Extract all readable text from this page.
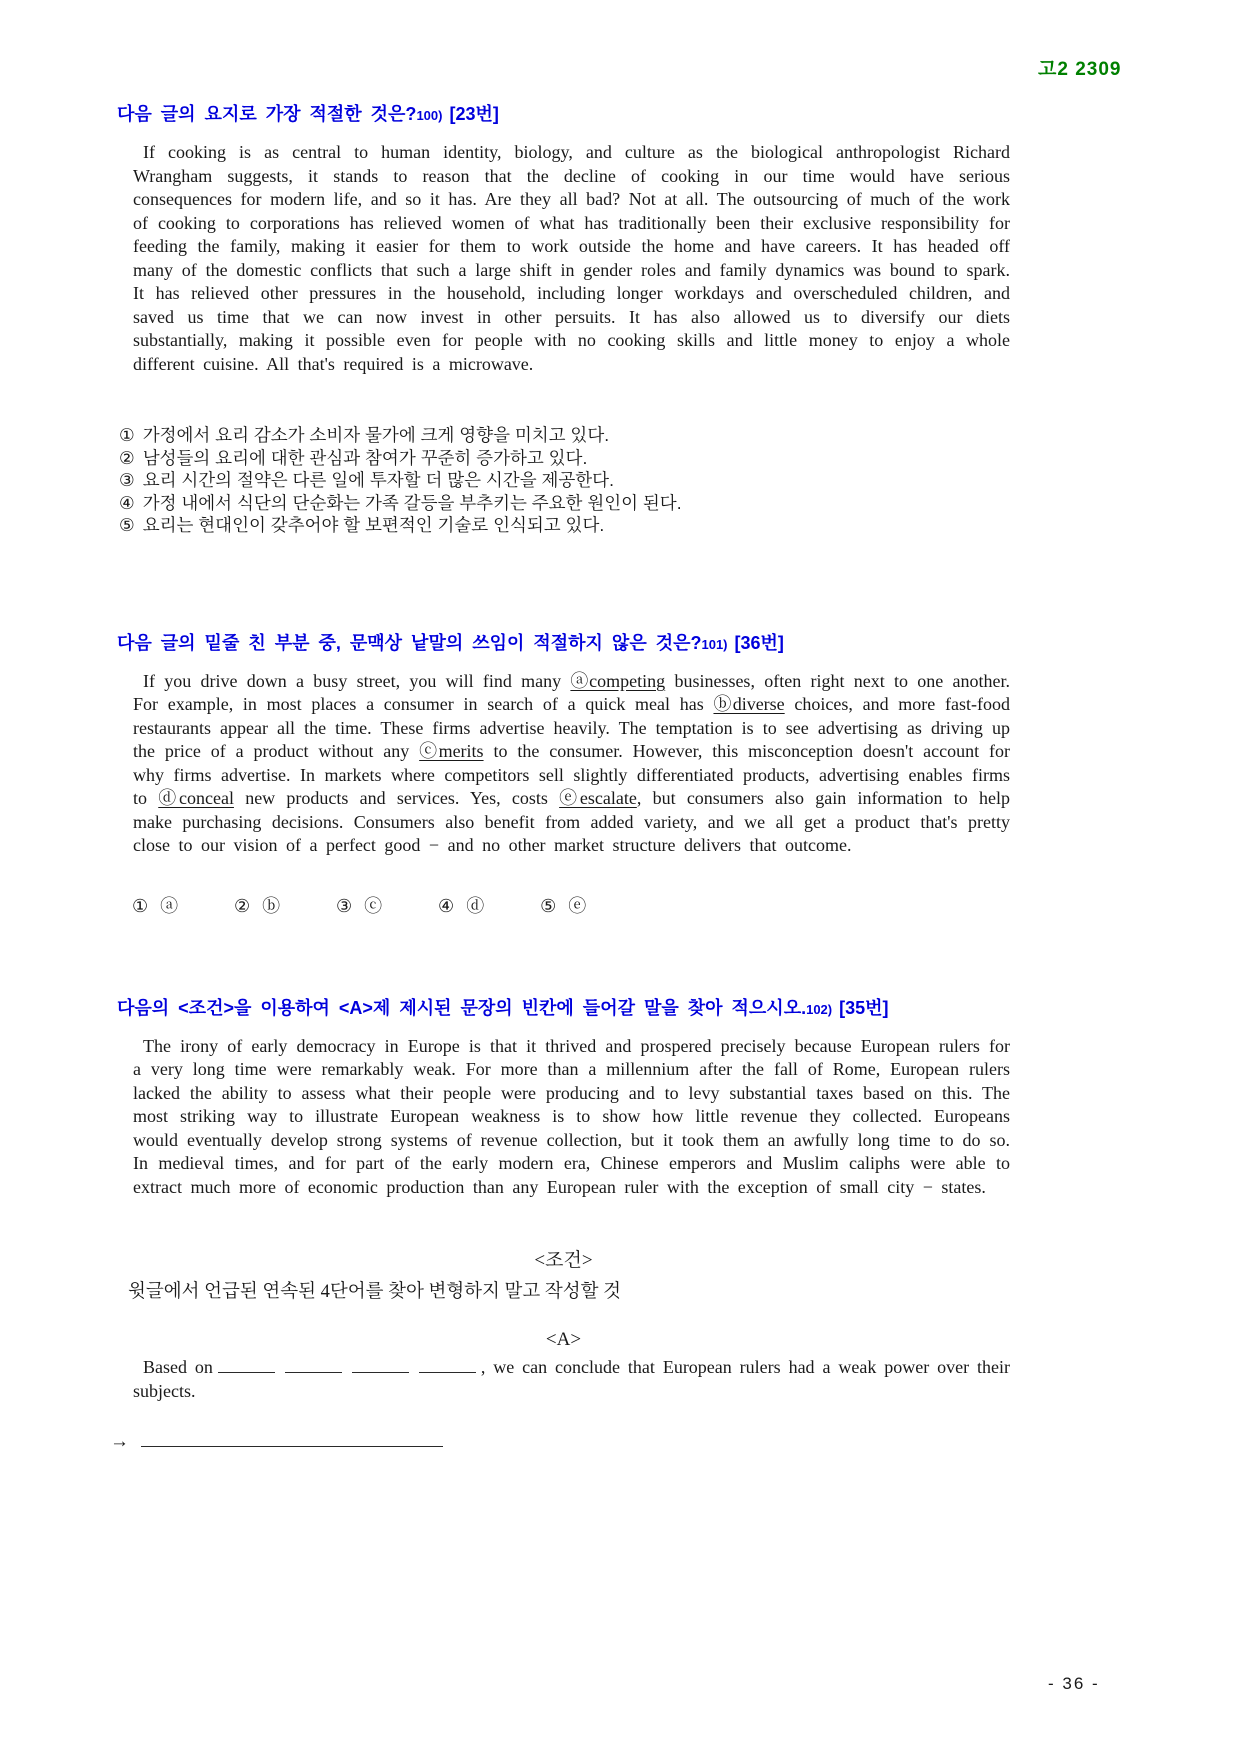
고2 2309
다음 글의 요지로 가장 적절한 것은?100) [23번]

If cooking is as central to human identity, biology, and culture as the biological anthropologist Richard Wrangham suggests, it stands to reason that the decline of cooking in our time would have serious consequences for modern life, and so it has. Are they all bad? Not at all. The outsourcing of much of the work of cooking to corporations has relieved women of what has traditionally been their exclusive responsibility for feeding the family, making it easier for them to work outside the home and have careers. It has headed off many of the domestic conflicts that such a large shift in gender roles and family dynamics was bound to spark. It has relieved other pressures in the household, including longer workdays and overscheduled children, and saved us time that we can now invest in other persuits. It has also allowed us to diversify our diets substantially, making it possible even for people with no cooking skills and little money to enjoy a whole different cuisine. All that's required is a microwave.

① 가정에서 요리 감소가 소비자 물가에 크게 영향을 미치고 있다.
② 남성들의 요리에 대한 관심과 참여가 꾸준히 증가하고 있다.
③ 요리 시간의 절약은 다른 일에 투자할 더 많은 시간을 제공한다.
④ 가정 내에서 식단의 단순화는 가족 갈등을 부추키는 주요한 원인이 된다.
⑤ 요리는 현대인이 갖추어야 할 보편적인 기술로 인식되고 있다.
다음 글의 밑줄 친 부분 중, 문맥상 낱말의 쓰임이 적절하지 않은 것은?101) [36번]

If you drive down a busy street, you will find many ⓐcompeting businesses, often right next to one another. For example, in most places a consumer in search of a quick meal has ⓑdiverse choices, and more fast-food restaurants appear all the time. These firms advertise heavily. The temptation is to see advertising as driving up the price of a product without any ⓒmerits to the consumer. However, this misconception doesn't account for why firms advertise. In markets where competitors sell slightly differentiated products, advertising enables firms to ⓓconceal new products and services. Yes, costs ⓔescalate, but consumers also gain information to help make purchasing decisions. Consumers also benefit from added variety, and we all get a product that's pretty close to our vision of a perfect good − and no other market structure delivers that outcome.

① ⓐ	② ⓑ	③ ⓒ	④ ⓓ	⑤ ⓔ
다음의 <조건>을 이용하여 <A>제 제시된 문장의 빈칸에 들어갈 말을 찾아 적으시오.102) [35번]

The irony of early democracy in Europe is that it thrived and prospered precisely because European rulers for a very long time were remarkably weak. For more than a millennium after the fall of Rome, European rulers lacked the ability to assess what their people were producing and to levy substantial taxes based on this. The most striking way to illustrate European weakness is to show how little revenue they collected. Europeans would eventually develop strong systems of revenue collection, but it took them an awfully long time to do so. In medieval times, and for part of the early modern era, Chinese emperors and Muslim caliphs were able to extract much more of economic production than any European ruler with the exception of small city − states.

<조건>
윗글에서 언급된 연속된 4단어를 찾아 변형하지 말고 작성할 것
<A>

Based on	, we can conclude that European rulers had a weak power over their subjects.

→
- 36 -
